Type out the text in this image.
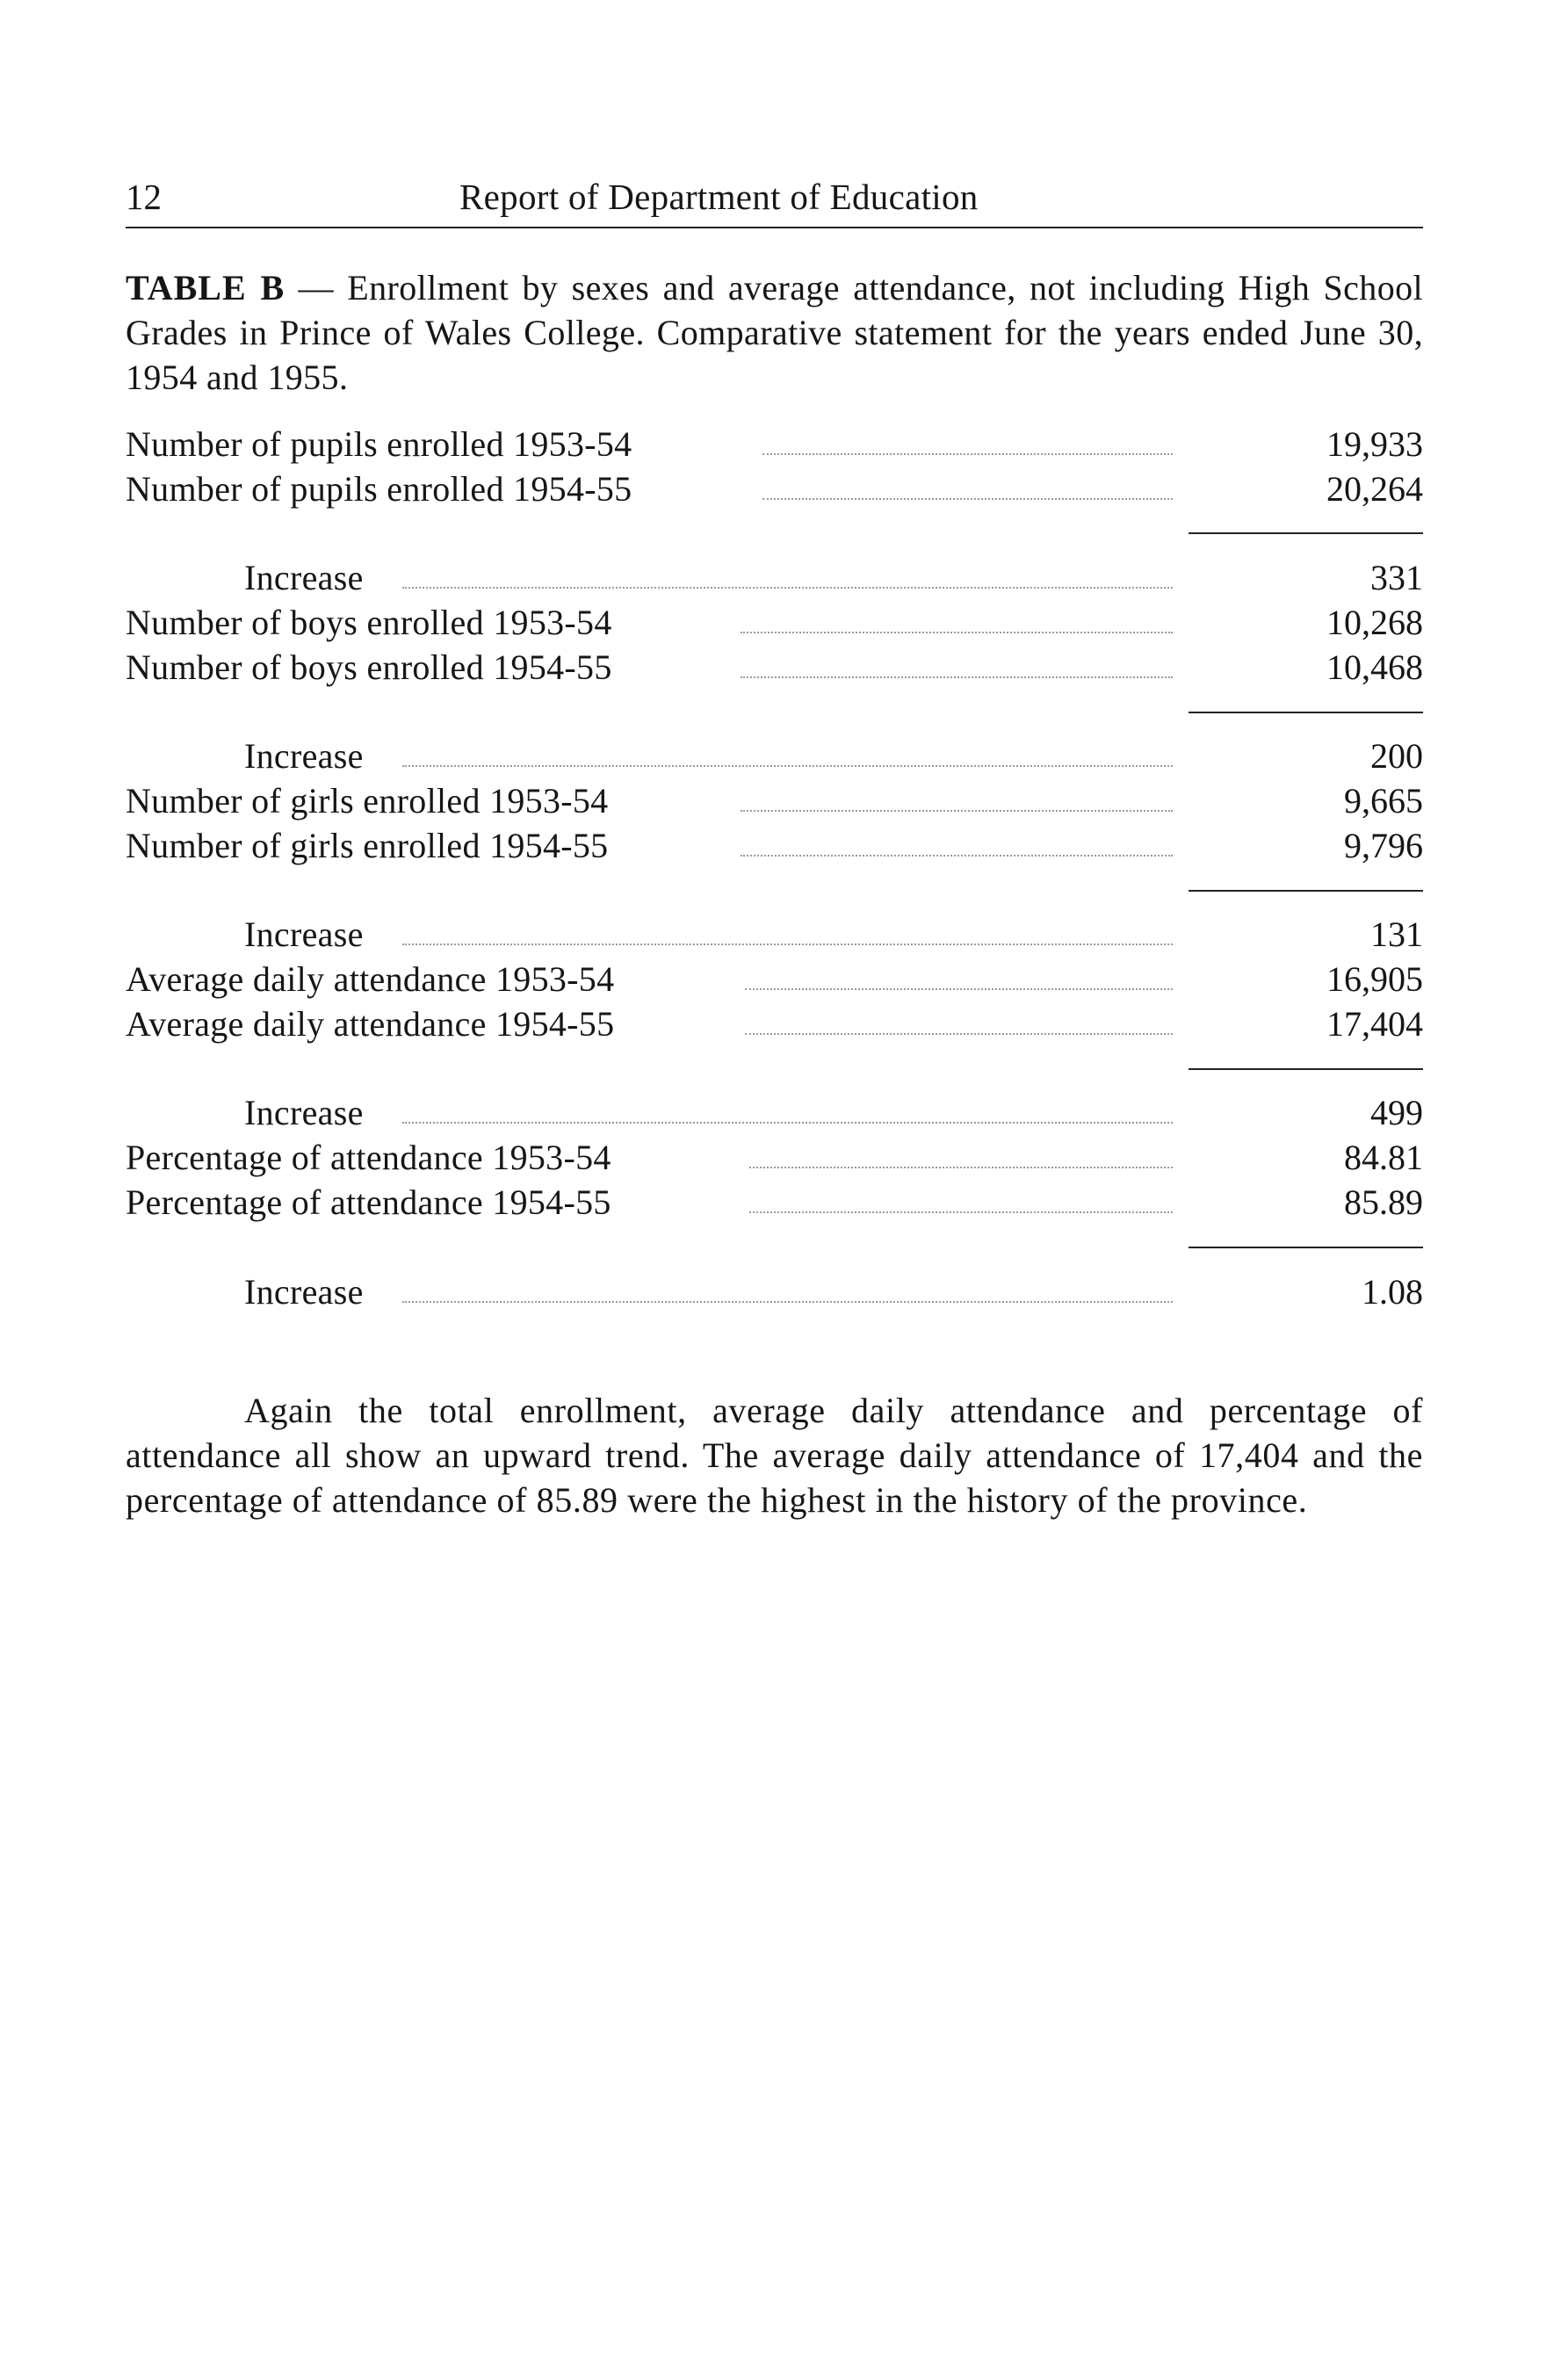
12	Report of Department of Education
TABLE B — Enrollment by sexes and average attendance, not including High School Grades in Prince of Wales College. Comparative statement for the years ended June 30, 1954 and 1955.
Number of pupils enrolled 1953-54	19,933
Number of pupils enrolled 1954-55	20,264
Increase	331
Number of boys enrolled 1953-54	10,268
Number of boys enrolled 1954-55	10,468
Increase	200
Number of girls enrolled 1953-54	9,665
Number of girls enrolled 1954-55	9,796
Increase	131
Average daily attendance 1953-54	16,905
Average daily attendance 1954-55	17,404
Increase	499
Percentage of attendance 1953-54	84.81
Percentage of attendance 1954-55	85.89
Increase	1.08

Again the total enrollment, average daily attendance and percentage of attendance all show an upward trend. The average daily attendance of 17,404 and the percentage of attendance of 85.89 were the highest in the history of the province.
